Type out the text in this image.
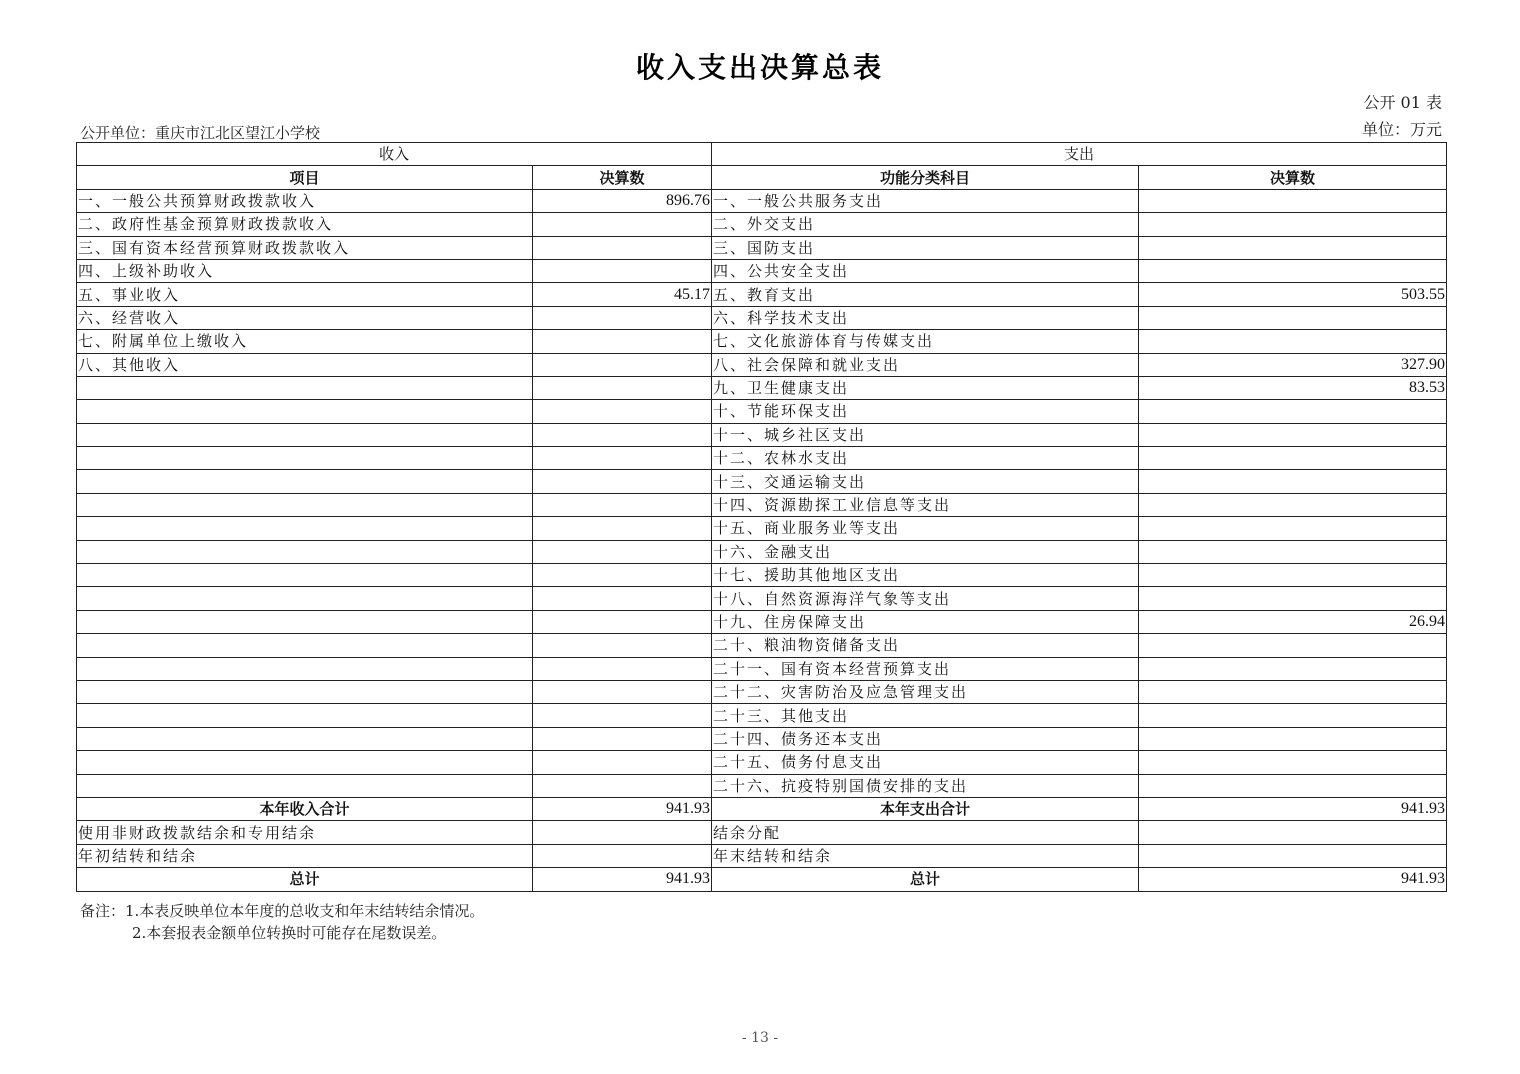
收入支出决算总表
公开 01 表
单位：万元
公开单位：重庆市江北区望江小学校
收入		支出	
项目	决算数	功能分类科目	决算数
一、一般公共预算财政拨款收入	896.76	一、一般公共服务支出	
二、政府性基金预算财政拨款收入		二、外交支出	
三、国有资本经营预算财政拨款收入		三、国防支出	
四、上级补助收入		四、公共安全支出	
五、事业收入	45.17	五、教育支出	503.55
六、经营收入		六、科学技术支出	
七、附属单位上缴收入		七、文化旅游体育与传媒支出	
八、其他收入		八、社会保障和就业支出	327.90
		九、卫生健康支出	83.53
		十、节能环保支出	
		十一、城乡社区支出	
		十二、农林水支出	
		十三、交通运输支出	
		十四、资源勘探工业信息等支出	
		十五、商业服务业等支出	
		十六、金融支出	
		十七、援助其他地区支出	
		十八、自然资源海洋气象等支出	
		十九、住房保障支出	26.94
		二十、粮油物资储备支出	
		二十一、国有资本经营预算支出	
		二十二、灾害防治及应急管理支出	
		二十三、其他支出	
		二十四、债务还本支出	
		二十五、债务付息支出	
		二十六、抗疫特别国债安排的支出	
本年收入合计	941.93	本年支出合计	941.93
使用非财政拨款结余和专用结余		结余分配	
年初结转和结余		年末结转和结余	
总计	941.93	总计	941.93
备注：1.本表反映单位本年度的总收支和年末结转结余情况。
2.本套报表金额单位转换时可能存在尾数误差。
- 13 -
